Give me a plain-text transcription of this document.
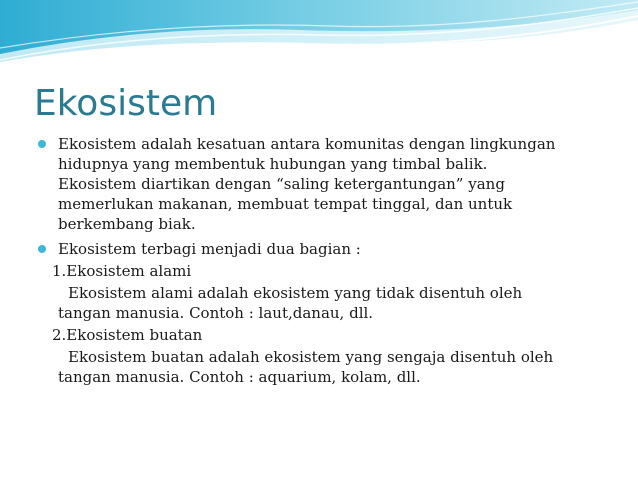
Ekosistem
Ekosistem adalah kesatuan antara komunitas dengan lingkungan
hidupnya yang membentuk hubungan yang timbal balik.
Ekosistem diartikan dengan “saling ketergantungan” yang
memerlukan makanan, membuat tempat tinggal, dan untuk
berkembang biak.
Ekosistem terbagi menjadi dua bagian :
1.Ekosistem alami
Ekosistem alami adalah ekosistem yang tidak disentuh oleh
tangan manusia. Contoh : laut,danau, dll.
2.Ekosistem buatan
Ekosistem buatan adalah ekosistem yang sengaja disentuh oleh
tangan manusia. Contoh : aquarium, kolam, dll.
